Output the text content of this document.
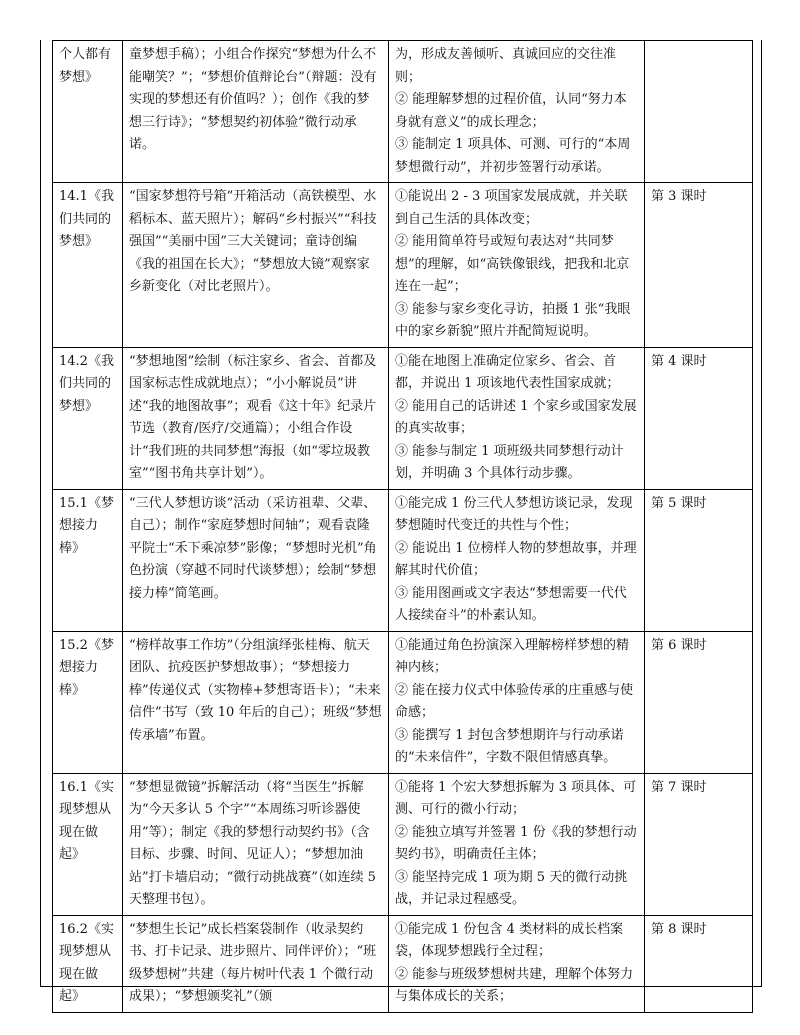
个人都有梦想》	童梦想手稿）；小组合作探究“梦想为什么不能嘲笑？”；“梦想价值辩论台”（辩题：没有实现的梦想还有价值吗？）；创作《我的梦想三行诗》；“梦想契约初体验”微行动承诺。	为，形成友善倾听、真诚回应的交往准则；
② 能理解梦想的过程价值，认同“努力本身就有意义”的成长理念；
③ 能制定 1 项具体、可测、可行的“本周梦想微行动”，并初步签署行动承诺。	

14.1《我们共同的梦想》	“国家梦想符号箱”开箱活动（高铁模型、水稻标本、蓝天照片）；解码“乡村振兴”“科技强国”“美丽中国”三大关键词；童诗创编《我的祖国在长大》；“梦想放大镜”观察家乡新变化（对比老照片）。	①能说出 2 - 3 项国家发展成就，并关联到自己生活的具体改变；
② 能用简单符号或短句表达对“共同梦想”的理解，如“高铁像银线，把我和北京连在一起”；
③ 能参与家乡变化寻访，拍摄 1 张“我眼中的家乡新貌”照片并配简短说明。	第 3 课时
14.2《我们共同的梦想》	“梦想地图”绘制（标注家乡、省会、首都及国家标志性成就地点）；“小小解说员”讲述“我的地图故事”；观看《这十年》纪录片节选（教育/医疗/交通篇）；小组合作设计“我们班的共同梦想”海报（如“零垃圾教室”“图书角共享计划”）。	①能在地图上准确定位家乡、省会、首都，并说出 1 项该地代表性国家成就；
② 能用自己的话讲述 1 个家乡或国家发展的真实故事；
③ 能参与制定 1 项班级共同梦想行动计划，并明确 3 个具体行动步骤。	第 4 课时
15.1《梦想接力棒》	“三代人梦想访谈”活动（采访祖辈、父辈、自己）；制作“家庭梦想时间轴”；观看袁隆平院士“禾下乘凉梦”影像；“梦想时光机”角色扮演（穿越不同时代谈梦想）；绘制“梦想接力棒”简笔画。	①能完成 1 份三代人梦想访谈记录，发现梦想随时代变迁的共性与个性；
② 能说出 1 位榜样人物的梦想故事，并理解其时代价值；
③ 能用图画或文字表达“梦想需要一代代人接续奋斗”的朴素认知。	第 5 课时
15.2《梦想接力棒》	“榜样故事工作坊”（分组演绎张桂梅、航天团队、抗疫医护梦想故事）；“梦想接力棒”传递仪式（实物棒+梦想寄语卡）；“未来信件”书写（致 10 年后的自己）；班级“梦想传承墙”布置。	①能通过角色扮演深入理解榜样梦想的精神内核；
② 能在接力仪式中体验传承的庄重感与使命感；
③ 能撰写 1 封包含梦想期许与行动承诺的“未来信件”，字数不限但情感真挚。	第 6 课时
16.1《实现梦想从现在做起》	“梦想显微镜”拆解活动（将“当医生”拆解为“今天多认 5 个字”“本周练习听诊器使用”等）；制定《我的梦想行动契约书》（含目标、步骤、时间、见证人）；“梦想加油站”打卡墙启动；“微行动挑战赛”（如连续 5 天整理书包）。	①能将 1 个宏大梦想拆解为 3 项具体、可测、可行的微小行动；
② 能独立填写并签署 1 份《我的梦想行动契约书》，明确责任主体；
③ 能坚持完成 1 项为期 5 天的微行动挑战，并记录过程感受。	第 7 课时
16.2《实现梦想从现在做起》	“梦想生长记”成长档案袋制作（收录契约书、打卡记录、进步照片、同伴评价）；“班级梦想树”共建（每片树叶代表 1 个微行动成果）；“梦想颁奖礼”（颁	①能完成 1 份包含 4 类材料的成长档案袋，体现梦想践行全过程；
② 能参与班级梦想树共建，理解个体努力与集体成长的关系；	第 8 课时
